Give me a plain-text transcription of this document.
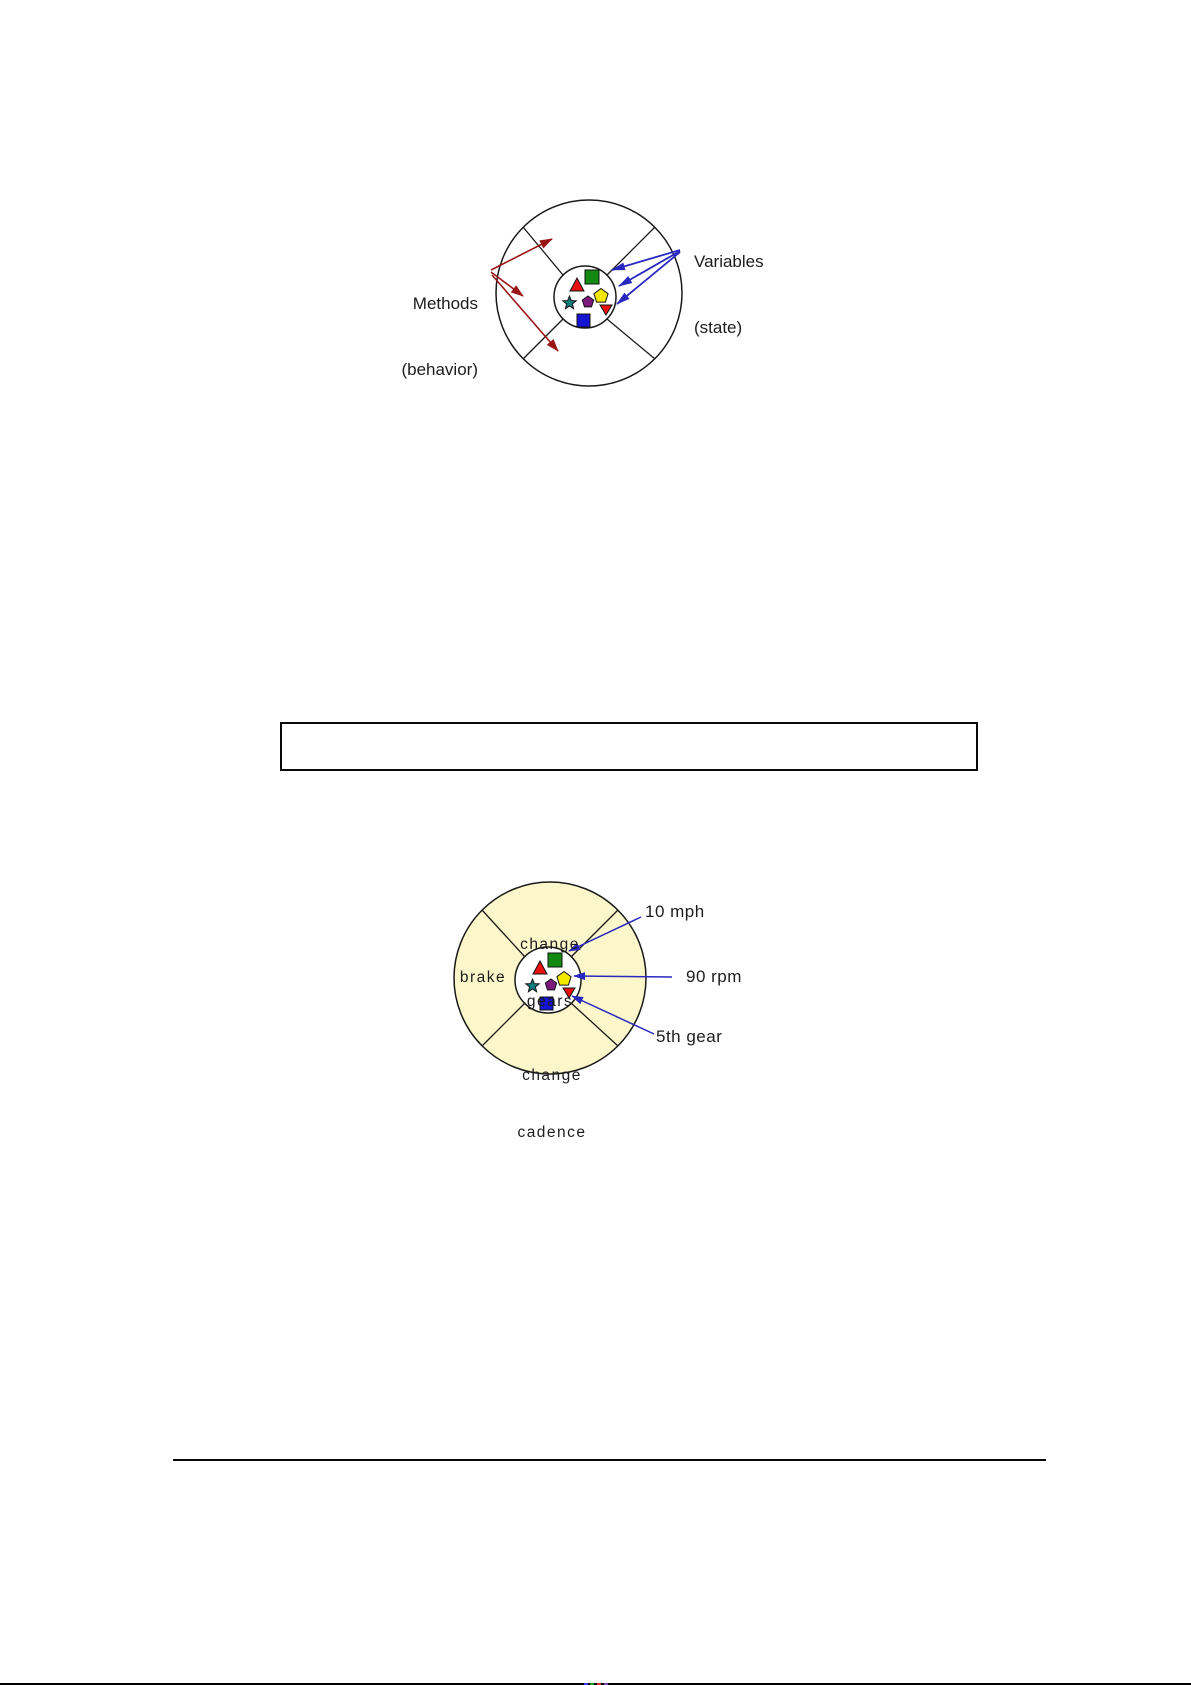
Methods

(behavior)

Variables

(state)

change

gears

brake

change

cadence

10 mph
90 rpm
5th gear
